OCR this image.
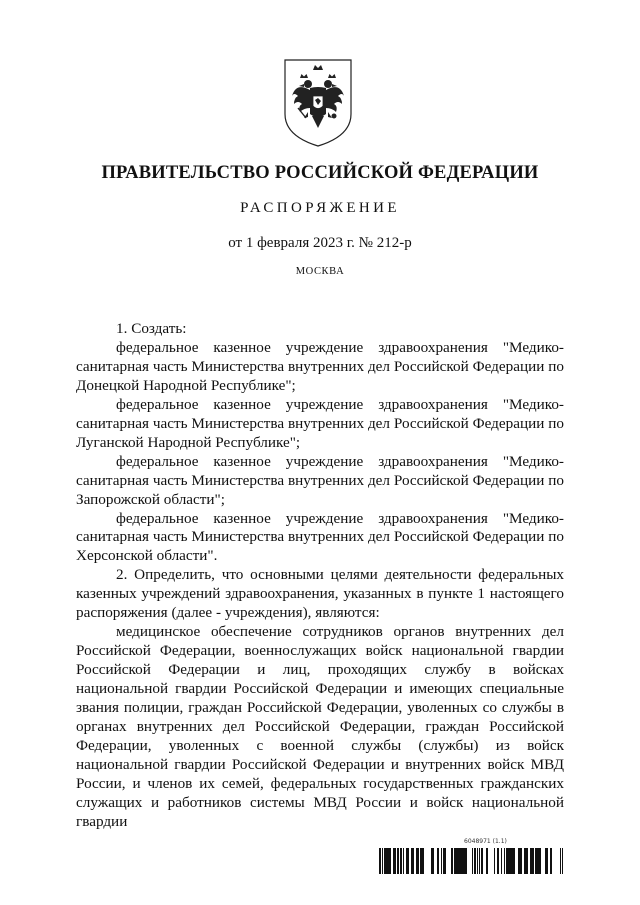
ПРАВИТЕЛЬСТВО РОССИЙСКОЙ ФЕДЕРАЦИИ
РАСПОРЯЖЕНИЕ
от 1 февраля 2023 г. № 212-р
МОСКВА

1. Создать:

федеральное казенное учреждение здравоохранения "Медико-санитарная часть Министерства внутренних дел Российской Федерации по Донецкой Народной Республике";

федеральное казенное учреждение здравоохранения "Медико-санитарная часть Министерства внутренних дел Российской Федерации по Луганской Народной Республике";

федеральное казенное учреждение здравоохранения "Медико-санитарная часть Министерства внутренних дел Российской Федерации по Запорожской области";

федеральное казенное учреждение здравоохранения "Медико-санитарная часть Министерства внутренних дел Российской Федерации по Херсонской области".

2. Определить, что основными целями деятельности федеральных казенных учреждений здравоохранения, указанных в пункте 1 настоящего распоряжения (далее - учреждения), являются:

медицинское обеспечение сотрудников органов внутренних дел Российской Федерации, военнослужащих войск национальной гвардии Российской Федерации и лиц, проходящих службу в войсках национальной гвардии Российской Федерации и имеющих специальные звания полиции, граждан Российской Федерации, уволенных со службы в органах внутренних дел Российской Федерации, граждан Российской Федерации, уволенных с военной службы (службы) из войск национальной гвардии Российской Федерации и внутренних войск МВД России, и членов их семей, федеральных государственных гражданских служащих и работников системы МВД России и войск национальной гвардии

6048971 (1.1)
